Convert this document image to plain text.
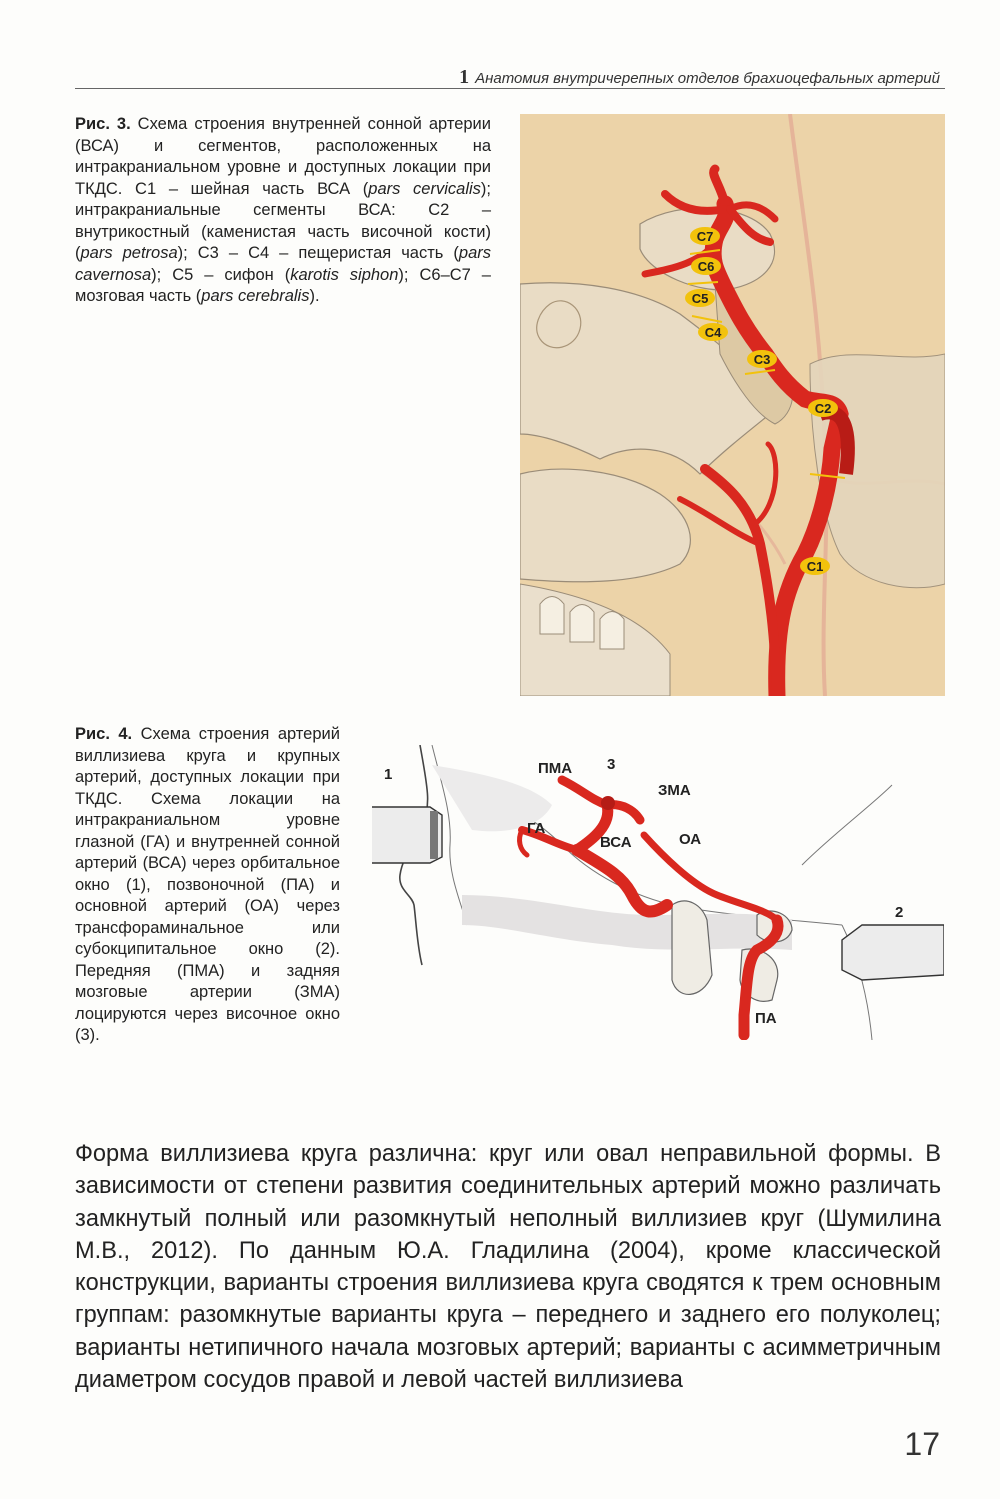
1 Анатомия внутричерепных отделов брахиоцефальных артерий
Рис. 3. Схема строения внутренней сонной артерии (ВСА) и сегментов, расположенных на интракраниальном уровне и доступных локации при ТКДС. С1 – шейная часть ВСА (pars cervicalis); интракраниальные сегменты ВСА: С2 – внутрикостный (каменистая часть височной кости) (pars petrosa); С3 – С4 – пещеристая часть (pars cavernosa); С5 – сифон (karotis siphon); С6–С7 – мозговая часть (pars cerebralis).
C7
C6
C5
C4
C3
C2
C1
Рис. 4. Схема строения артерий виллизиева круга и крупных артерий, доступных локации при ТКДС. Схема локации на интракраниальном уровне глазной (ГА) и внутренней сонной артерий (ВСА) через орбитальное окно (1), позвоночной (ПА) и основной артерий (ОА) через трансфораминальное или субокципитальное окно (2). Передняя (ПМА) и задняя мозговые артерии (ЗМА) лоцируются через височное окно (3).
1
2
3
ПМА
ЗМА
ГА
ВСА	ОА
ПА
Форма виллизиева круга различна: круг или овал неправильной формы. В зависимости от степени развития соединительных артерий можно различать замкнутый полный или разомкнутый неполный виллизиев круг (Шумилина М.В., 2012). По данным Ю.А. Гладилина (2004), кроме классической конструкции, варианты строения виллизиева круга сводятся к трем основным группам: разомкнутые варианты круга – переднего и заднего его полуколец; варианты нетипичного начала мозговых артерий; варианты с асимметричным диаметром сосудов правой и левой частей виллизиева
17
